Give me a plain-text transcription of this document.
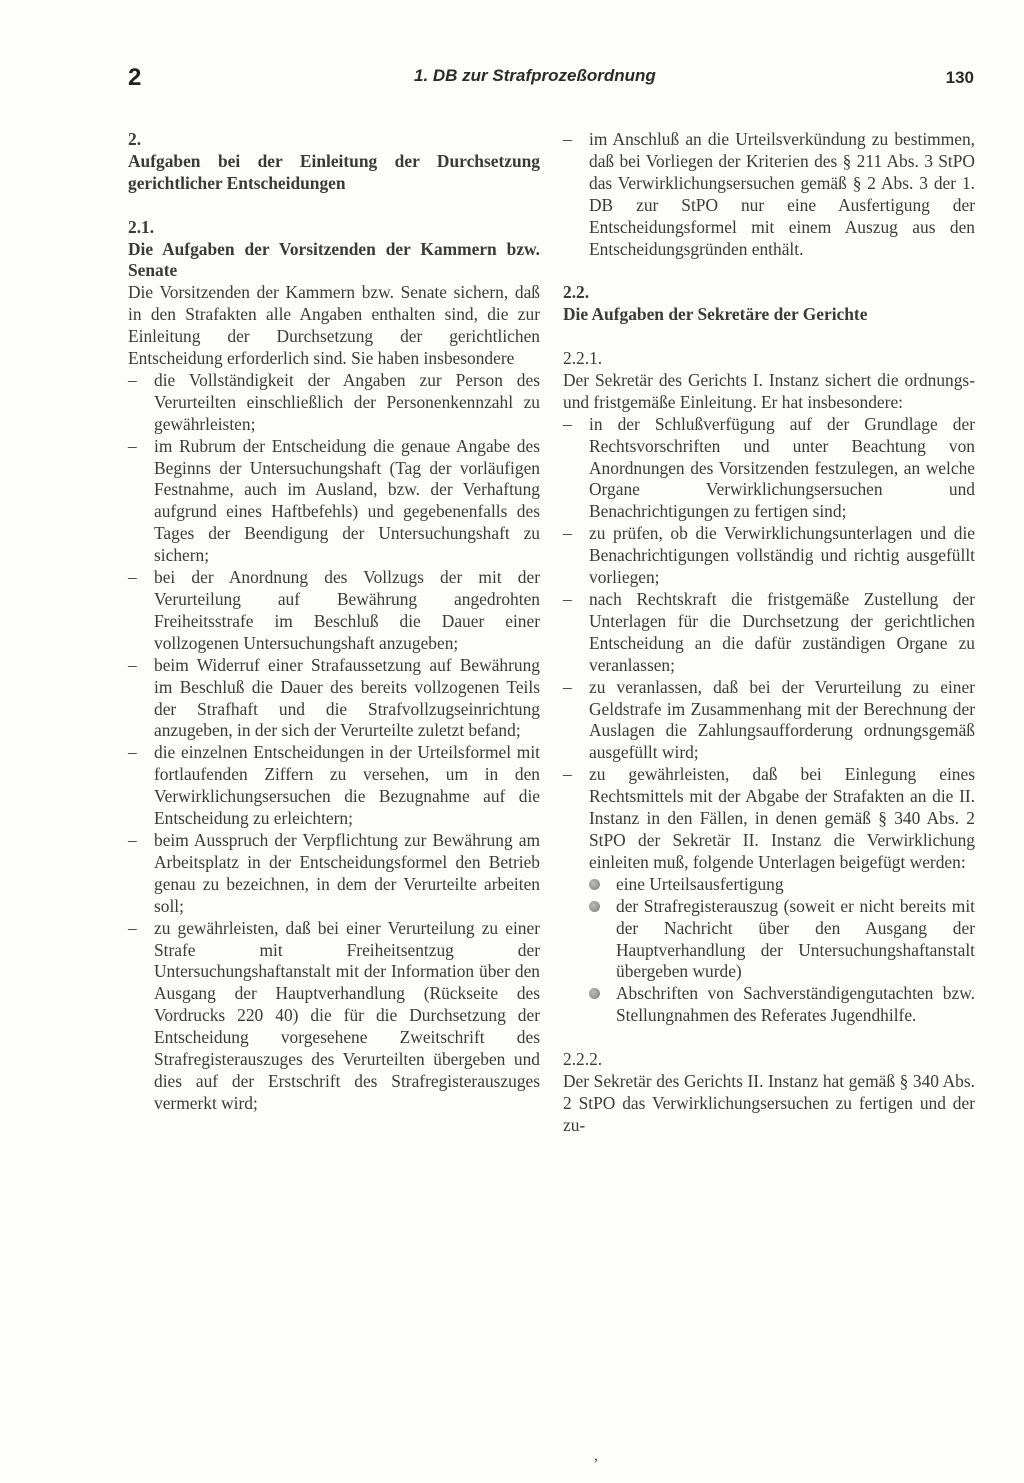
2	1. DB zur Strafprozeßordnung	130
2.
Aufgaben bei der Einleitung der Durchsetzung gerichtlicher Entscheidungen
2.1.
Die Aufgaben der Vorsitzenden der Kammern bzw. Senate
Die Vorsitzenden der Kammern bzw. Senate sichern, daß in den Strafakten alle Angaben enthalten sind, die zur Einleitung der Durchsetzung der gerichtlichen Entscheidung erforderlich sind. Sie haben insbesondere
– die Vollständigkeit der Angaben zur Person des Verurteilten einschließlich der Personenkennzahl zu gewährleisten;
– im Rubrum der Entscheidung die genaue Angabe des Beginns der Untersuchungshaft (Tag der vorläufigen Festnahme, auch im Ausland, bzw. der Verhaftung aufgrund eines Haftbefehls) und gegebenenfalls des Tages der Beendigung der Untersuchungshaft zu sichern;
– bei der Anordnung des Vollzugs der mit der Verurteilung auf Bewährung angedrohten Freiheitsstrafe im Beschluß die Dauer einer vollzogenen Untersuchungshaft anzugeben;
– beim Widerruf einer Strafaussetzung auf Bewährung im Beschluß die Dauer des bereits vollzogenen Teils der Strafhaft und die Strafvollzugseinrichtung anzugeben, in der sich der Verurteilte zuletzt befand;
– die einzelnen Entscheidungen in der Urteilsformel mit fortlaufenden Ziffern zu versehen, um in den Verwirklichungsersuchen die Bezugnahme auf die Entscheidung zu erleichtern;
– beim Ausspruch der Verpflichtung zur Bewährung am Arbeitsplatz in der Entscheidungsformel den Betrieb genau zu bezeichnen, in dem der Verurteilte arbeiten soll;
– zu gewährleisten, daß bei einer Verurteilung zu einer Strafe mit Freiheitsentzug der Untersuchungshaftanstalt mit der Information über den Ausgang der Hauptverhandlung (Rückseite des Vordrucks 220 40) die für die Durchsetzung der Entscheidung vorgesehene Zweitschrift des Strafregisterauszuges des Verurteilten übergeben und dies auf der Erstschrift des Strafregisterauszuges vermerkt wird;
– im Anschluß an die Urteilsverkündung zu bestimmen, daß bei Vorliegen der Kriterien des § 211 Abs. 3 StPO das Verwirklichungsersuchen gemäß § 2 Abs. 3 der 1. DB zur StPO nur eine Ausfertigung der Entscheidungsformel mit einem Auszug aus den Entscheidungsgründen enthält.
2.2.
Die Aufgaben der Sekretäre der Gerichte
2.2.1.
Der Sekretär des Gerichts I. Instanz sichert die ordnungs- und fristgemäße Einleitung. Er hat insbesondere:
– in der Schlußverfügung auf der Grundlage der Rechtsvorschriften und unter Beachtung von Anordnungen des Vorsitzenden festzulegen, an welche Organe Verwirklichungsersuchen und Benachrichtigungen zu fertigen sind;
– zu prüfen, ob die Verwirklichungsunterlagen und die Benachrichtigungen vollständig und richtig ausgefüllt vorliegen;
– nach Rechtskraft die fristgemäße Zustellung der Unterlagen für die Durchsetzung der gerichtlichen Entscheidung an die dafür zuständigen Organe zu veranlassen;
– zu veranlassen, daß bei der Verurteilung zu einer Geldstrafe im Zusammenhang mit der Berechnung der Auslagen die Zahlungsaufforderung ordnungsgemäß ausgefüllt wird;
– zu gewährleisten, daß bei Einlegung eines Rechtsmittels mit der Abgabe der Strafakten an die II. Instanz in den Fällen, in denen gemäß § 340 Abs. 2 StPO der Sekretär II. Instanz die Verwirklichung einleiten muß, folgende Unterlagen beigefügt werden:
eine Urteilsausfertigung
der Strafregisterauszug (soweit er nicht bereits mit der Nachricht über den Ausgang der Hauptverhandlung der Untersuchungshaftanstalt übergeben wurde)
Abschriften von Sachverständigengutachten bzw. Stellungnahmen des Referates Jugendhilfe.
2.2.2.
Der Sekretär des Gerichts II. Instanz hat gemäß § 340 Abs. 2 StPO das Verwirklichungsersuchen zu fertigen und der zu-
,
